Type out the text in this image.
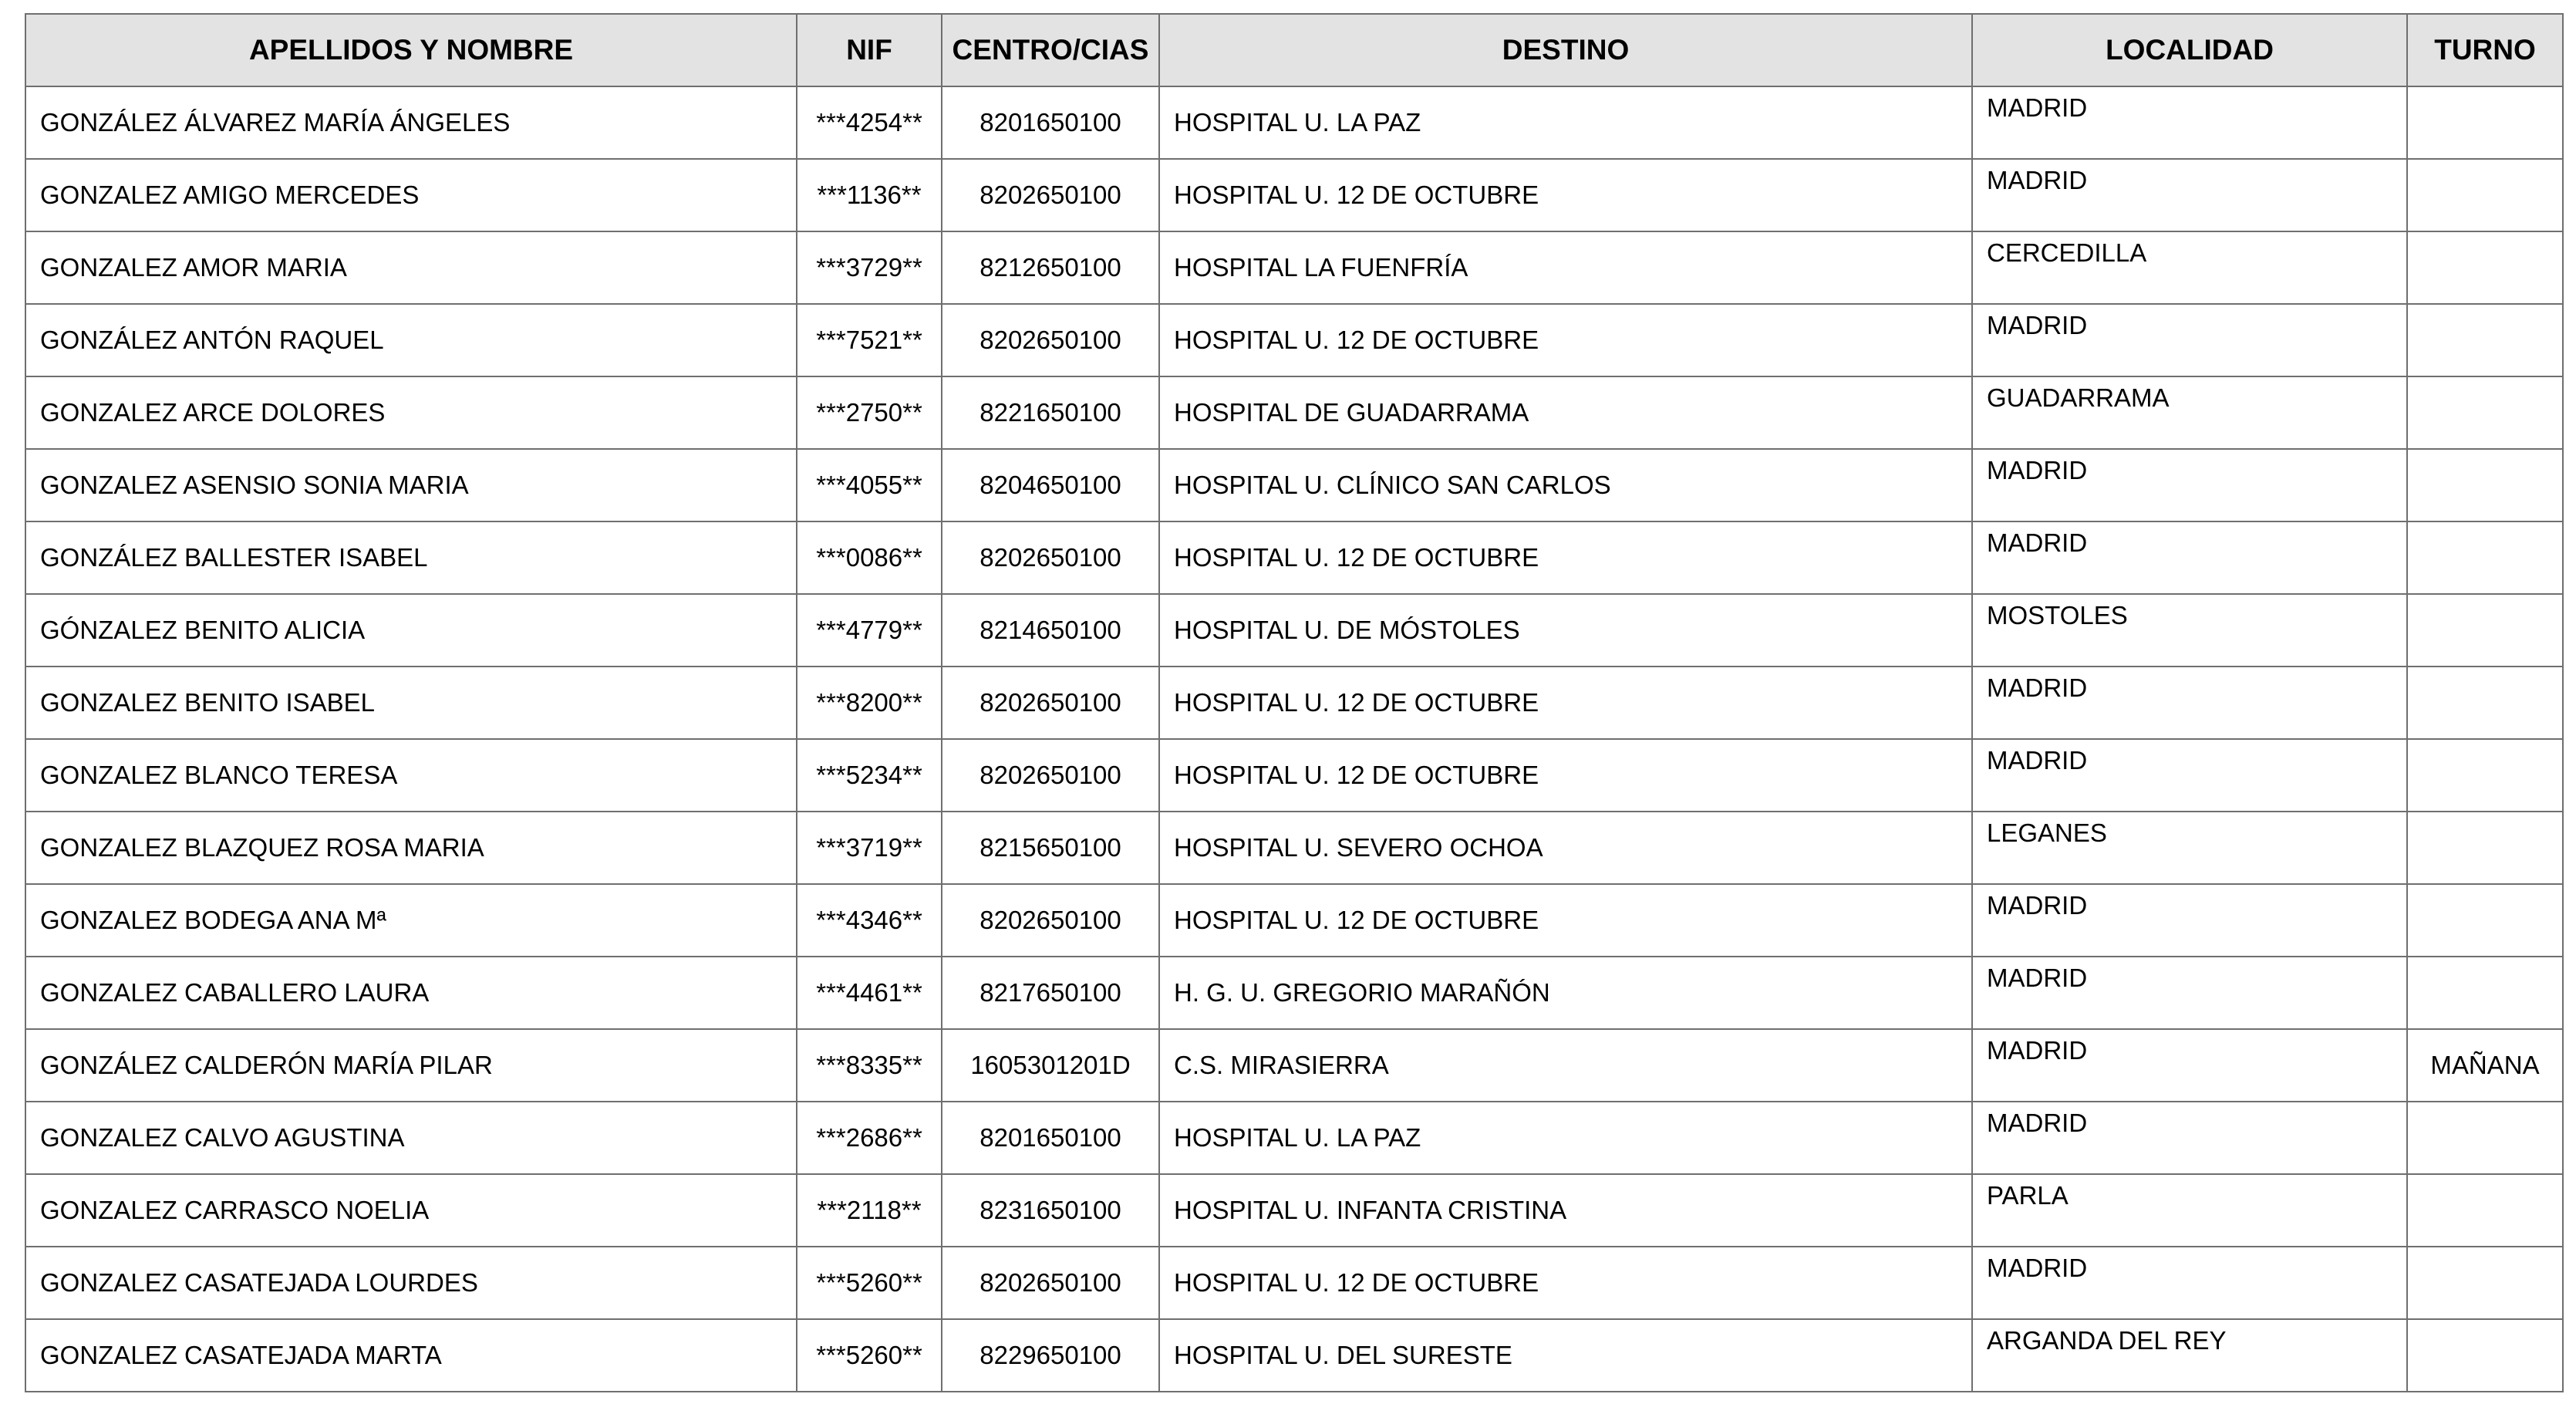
APELLIDOS Y NOMBRE	NIF	CENTRO/CIAS	DESTINO	LOCALIDAD	TURNO
GONZÁLEZ ÁLVAREZ MARÍA ÁNGELES	***4254**	8201650100	HOSPITAL U. LA PAZ	MADRID	
GONZALEZ AMIGO MERCEDES	***1136**	8202650100	HOSPITAL U. 12 DE OCTUBRE	MADRID	
GONZALEZ AMOR MARIA	***3729**	8212650100	HOSPITAL LA FUENFRÍA	CERCEDILLA	
GONZÁLEZ ANTÓN RAQUEL	***7521**	8202650100	HOSPITAL U. 12 DE OCTUBRE	MADRID	
GONZALEZ ARCE DOLORES	***2750**	8221650100	HOSPITAL DE GUADARRAMA	GUADARRAMA	
GONZALEZ ASENSIO SONIA MARIA	***4055**	8204650100	HOSPITAL U. CLÍNICO SAN CARLOS	MADRID	
GONZÁLEZ BALLESTER ISABEL	***0086**	8202650100	HOSPITAL U. 12 DE OCTUBRE	MADRID	
GÓNZALEZ BENITO ALICIA	***4779**	8214650100	HOSPITAL U. DE MÓSTOLES	MOSTOLES	
GONZALEZ BENITO ISABEL	***8200**	8202650100	HOSPITAL U. 12 DE OCTUBRE	MADRID	
GONZALEZ BLANCO TERESA	***5234**	8202650100	HOSPITAL U. 12 DE OCTUBRE	MADRID	
GONZALEZ BLAZQUEZ ROSA MARIA	***3719**	8215650100	HOSPITAL U. SEVERO OCHOA	LEGANES	
GONZALEZ BODEGA ANA Mª	***4346**	8202650100	HOSPITAL U. 12 DE OCTUBRE	MADRID	
GONZALEZ CABALLERO LAURA	***4461**	8217650100	H. G. U. GREGORIO MARAÑÓN	MADRID	
GONZÁLEZ CALDERÓN MARÍA PILAR	***8335**	1605301201D	C.S. MIRASIERRA	MADRID	MAÑANA
GONZALEZ CALVO AGUSTINA	***2686**	8201650100	HOSPITAL U. LA PAZ	MADRID	
GONZALEZ CARRASCO NOELIA	***2118**	8231650100	HOSPITAL U. INFANTA CRISTINA	PARLA	
GONZALEZ CASATEJADA LOURDES	***5260**	8202650100	HOSPITAL U. 12 DE OCTUBRE	MADRID	
GONZALEZ CASATEJADA MARTA	***5260**	8229650100	HOSPITAL U. DEL SURESTE	ARGANDA DEL REY	
